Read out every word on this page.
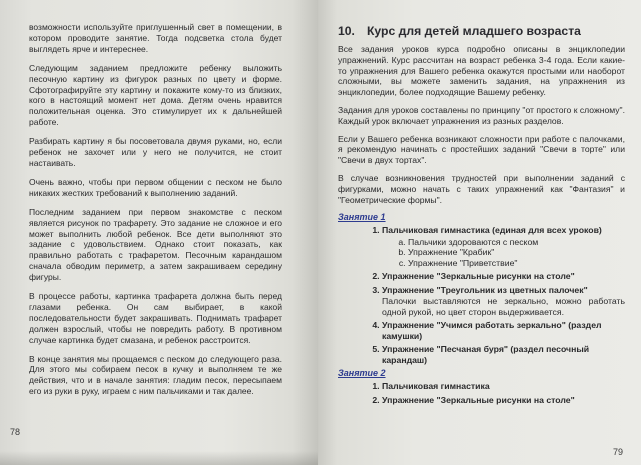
возможности используйте приглушенный свет в помещении, в котором проводите занятие. Тогда подсветка стола будет выглядеть ярче и интереснее.

Следующим заданием предложите ребенку выложить песочную картину из фигурок разных по цвету и форме. Сфотографируйте эту картину и покажите кому-то из близких, кого в настоящий момент нет дома. Детям очень нравится положительная оценка. Это стимулирует их к дальнейшей работе.

Разбирать картину я бы посоветовала двумя руками, но, если ребенок не захочет или у него не получится, не стоит настаивать.

Очень важно, чтобы при первом общении с песком не было никаких жестких требований к выполнению заданий.

Последним заданием при первом знакомстве с песком является рисунок по трафарету. Это задание не сложное и его может выполнить любой ребенок. Все дети выполняют это задание с удовольствием. Однако стоит показать, как правильно работать с трафаретом. Песочным карандашом сначала обводим периметр, а затем закрашиваем середину фигуры.

В процессе работы, картинка трафарета должна быть перед глазами ребенка. Он сам выбирает, в какой последовательности будет закрашивать. Поднимать трафарет должен взрослый, чтобы не повредить работу. В противном случае картинка будет смазана, и ребенок расстроится.

В конце занятия мы прощаемся с песком до следующего раза. Для этого мы собираем песок в кучку и выполняем те же действия, что и в начале занятия: гладим песок, пересыпаем его из руки в руку, играем с ним пальчиками и так далее.

78
10. Курс для детей младшего возраста

Все задания уроков курса подробно описаны в энциклопедии упражнений. Курс рассчитан на возраст ребенка 3-4 года. Если какие-то упражнения для Вашего ребенка окажутся простыми или наоборот сложными, вы можете заменить задания, на упражнения из энциклопедии, более подходящие Вашему ребенку.

Задания для уроков составлены по принципу "от простого к сложному". Каждый урок включает упражнения из разных разделов.

Если у Вашего ребенка возникают сложности при работе с палочками, я рекомендую начинать с простейших заданий "Свечи в торте" или "Свечи в двух тортах".

В случае возникновения трудностей при выполнении заданий с фигурками, можно начать с таких упражнений как "Фантазия" и "Геометрические формы".

Занятие 1
1. Пальчиковая гимнастика (единая для всех уроков)
a. Пальчики здороваются с песком
b. Упражнение "Крабик"
c. Упражнение "Приветствие"
2. Упражнение "Зеркальные рисунки на столе"
3. Упражнение "Треугольник из цветных палочек"
Палочки выставляются не зеркально, можно работать одной рукой, но цвет сторон выдерживается.
4. Упражнение "Учимся работать зеркально" (раздел камушки)
5. Упражнение "Песчаная буря" (раздел песочный карандаш)
Занятие 2
1. Пальчиковая гимнастика
2. Упражнение "Зеркальные рисунки на столе"
79
